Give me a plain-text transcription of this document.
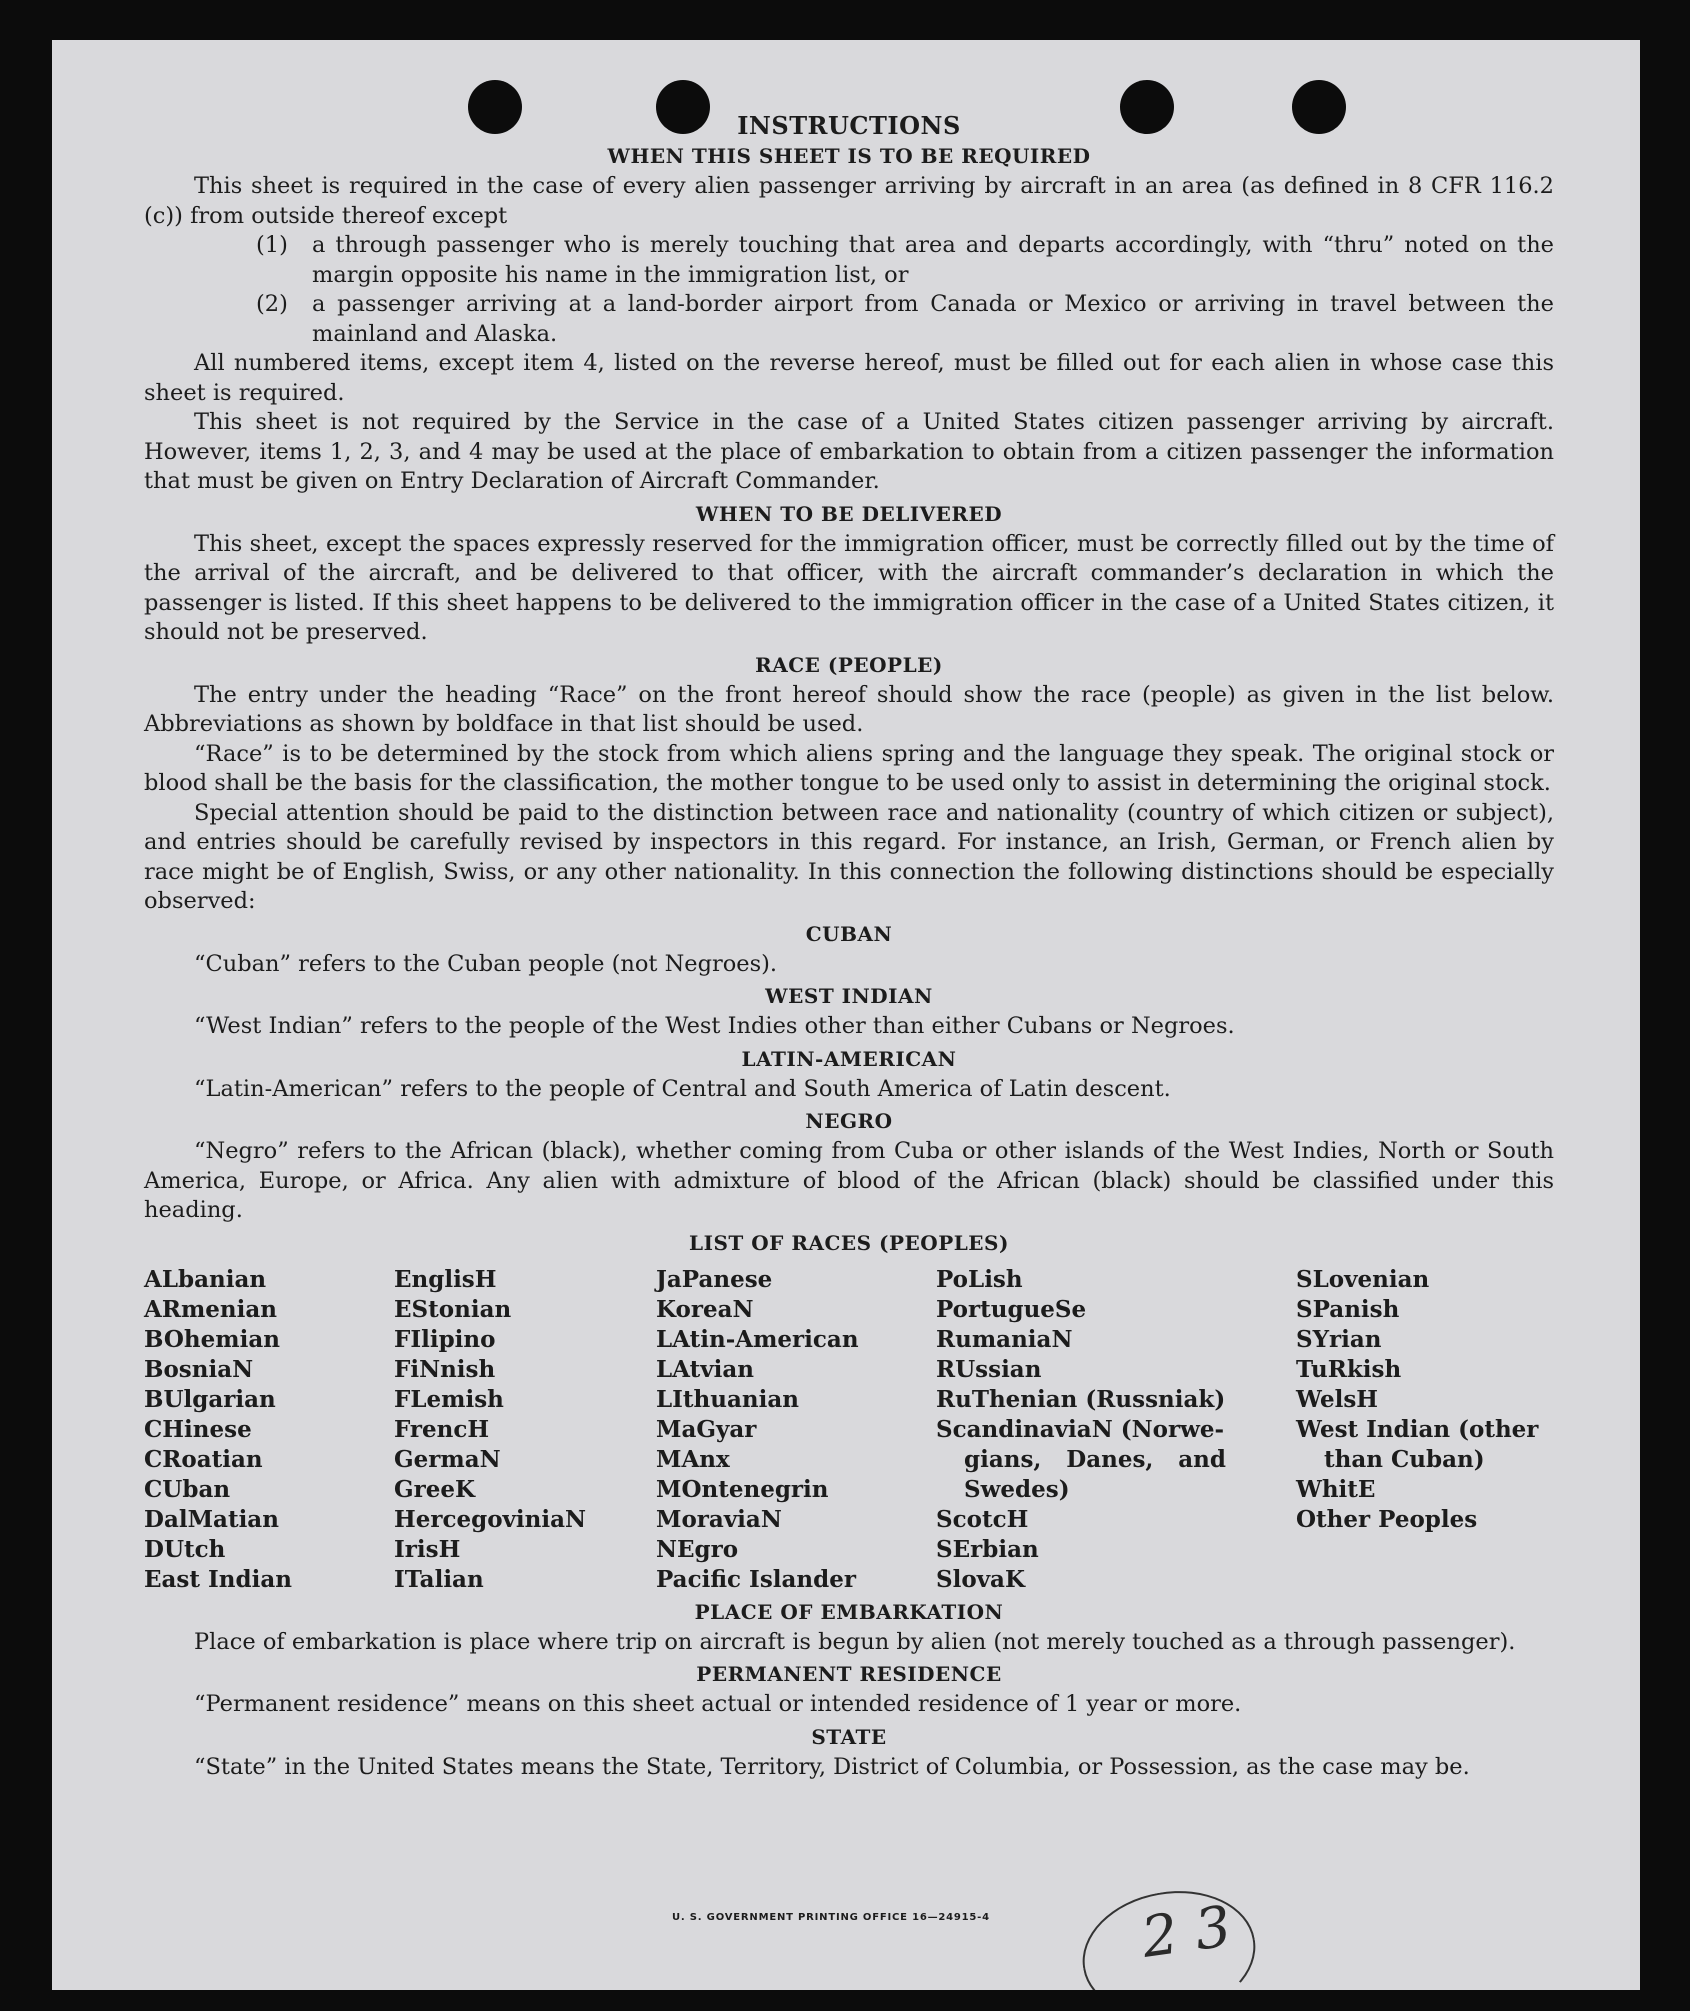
INSTRUCTIONS
WHEN THIS SHEET IS TO BE REQUIRED

This sheet is required in the case of every alien passenger arriving by aircraft in an area (as defined in 8 CFR 116.2 (c)) from outside thereof except

(1)	a through passenger who is merely touching that area and departs accordingly, with “thru” noted on the margin opposite his name in the immigration list, or
(2)	a passenger arriving at a land-border airport from Canada or Mexico or arriving in travel between the mainland and Alaska.

All numbered items, except item 4, listed on the reverse hereof, must be filled out for each alien in whose case this sheet is required.

This sheet is not required by the Service in the case of a United States citizen passenger arriving by aircraft. However, items 1, 2, 3, and 4 may be used at the place of embarkation to obtain from a citizen passenger the information that must be given on Entry Declaration of Aircraft Commander.

WHEN TO BE DELIVERED

This sheet, except the spaces expressly reserved for the immigration officer, must be correctly filled out by the time of the arrival of the aircraft, and be delivered to that officer, with the aircraft commander’s declaration in which the passenger is listed. If this sheet happens to be delivered to the immigration officer in the case of a United States citizen, it should not be preserved.

RACE (PEOPLE)

The entry under the heading “Race” on the front hereof should show the race (people) as given in the list below. Abbreviations as shown by boldface in that list should be used.

“Race” is to be determined by the stock from which aliens spring and the language they speak. The original stock or blood shall be the basis for the classification, the mother tongue to be used only to assist in determining the original stock.

Special attention should be paid to the distinction between race and nationality (country of which citizen or subject), and entries should be carefully revised by inspectors in this regard. For instance, an Irish, German, or French alien by race might be of English, Swiss, or any other nationality. In this connection the following distinctions should be especially observed:

CUBAN

“Cuban” refers to the Cuban people (not Negroes).

WEST INDIAN

“West Indian” refers to the people of the West Indies other than either Cubans or Negroes.

LATIN-AMERICAN

“Latin-American” refers to the people of Central and South America of Latin descent.

NEGRO

“Negro” refers to the African (black), whether coming from Cuba or other islands of the West Indies, North or South America, Europe, or Africa. Any alien with admixture of blood of the African (black) should be classified under this heading.

LIST OF RACES (PEOPLES)
ALbanian
ARmenian
BOhemian
BosniaN
BUlgarian
CHinese
CRoatian
CUban
DalMatian
DUtch
East Indian
EnglisH
EStonian
FIlipino
FiNnish
FLemish
FrencH
GermaN
GreeK
HercegoviniaN
IrisH
ITalian
JaPanese
KoreaN
LAtin-American
LAtvian
LIthuanian
MaGyar
MAnx
MOntenegrin
MoraviaN
NEgro
Pacific Islander
PoLish
PortugueSe
RumaniaN
RUssian
RuThenian (Russniak)
ScandinaviaN (Norwe-
gians, Danes, and
Swedes)
ScotcH
SErbian
SlovaK
SLovenian
SPanish
SYrian
TuRkish
WelsH
West Indian (other
than Cuban)
WhitE
Other Peoples
PLACE OF EMBARKATION

Place of embarkation is place where trip on aircraft is begun by alien (not merely touched as a through passenger).

PERMANENT RESIDENCE

“Permanent residence” means on this sheet actual or intended residence of 1 year or more.

STATE

“State” in the United States means the State, Territory, District of Columbia, or Possession, as the case may be.

U. S. GOVERNMENT PRINTING OFFICE 16—24915-4	2 3
